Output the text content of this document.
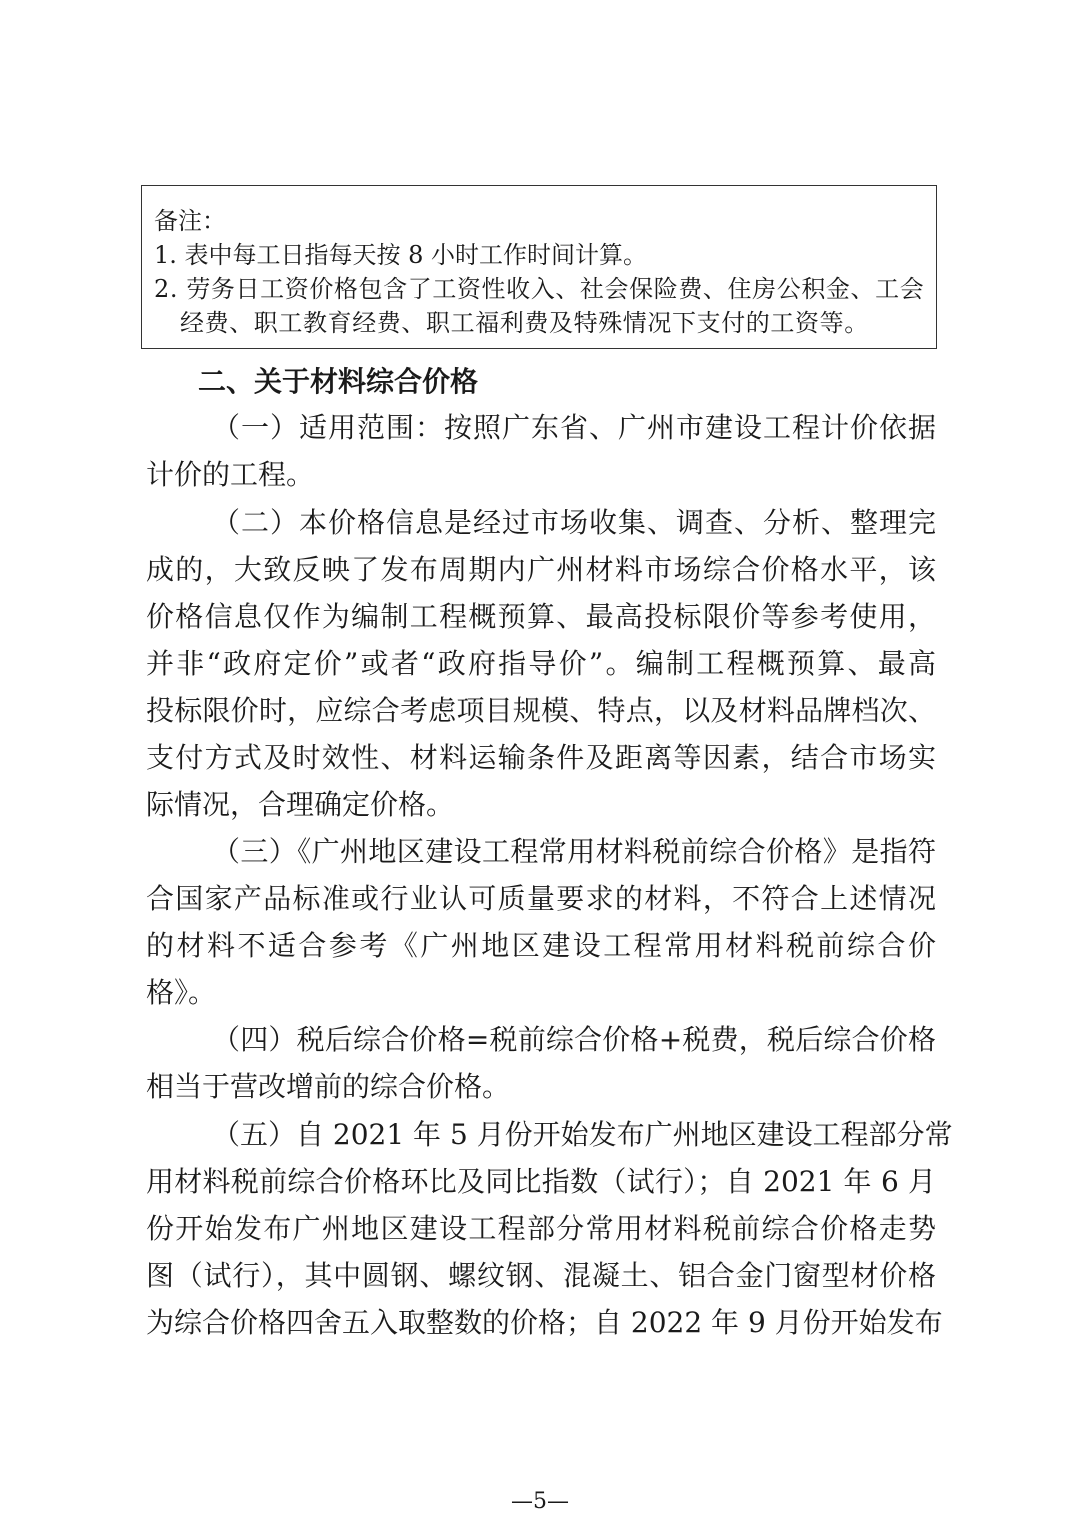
备注：
1. 表中每工日指每天按 8 小时工作时间计算。
2. 劳务日工资价格包含了工资性收入、社会保险费、住房公积金、工会
经费、职工教育经费、职工福利费及特殊情况下支付的工资等。
二、关于材料综合价格
（一）适用范围：按照广东省、广州市建设工程计价依据
计价的工程。
（二）本价格信息是经过市场收集、调查、分析、整理完
成的，大致反映了发布周期内广州材料市场综合价格水平，该
价格信息仅作为编制工程概预算、最高投标限价等参考使用，
并非“政府定价”或者“政府指导价”。编制工程概预算、最高
投标限价时，应综合考虑项目规模、特点，以及材料品牌档次、
支付方式及时效性、材料运输条件及距离等因素，结合市场实
际情况，合理确定价格。
（三）《广州地区建设工程常用材料税前综合价格》是指符
合国家产品标准或行业认可质量要求的材料，不符合上述情况
的材料不适合参考《广州地区建设工程常用材料税前综合价
格》。
（四）税后综合价格=税前综合价格+税费，税后综合价格
相当于营改增前的综合价格。
（五）自 2021 年 5 月份开始发布广州地区建设工程部分常
用材料税前综合价格环比及同比指数（试行）；自 2021 年 6 月
份开始发布广州地区建设工程部分常用材料税前综合价格走势
图（试行），其中圆钢、螺纹钢、混凝土、铝合金门窗型材价格
为综合价格四舍五入取整数的价格；自 2022 年 9 月份开始发布
—5—
